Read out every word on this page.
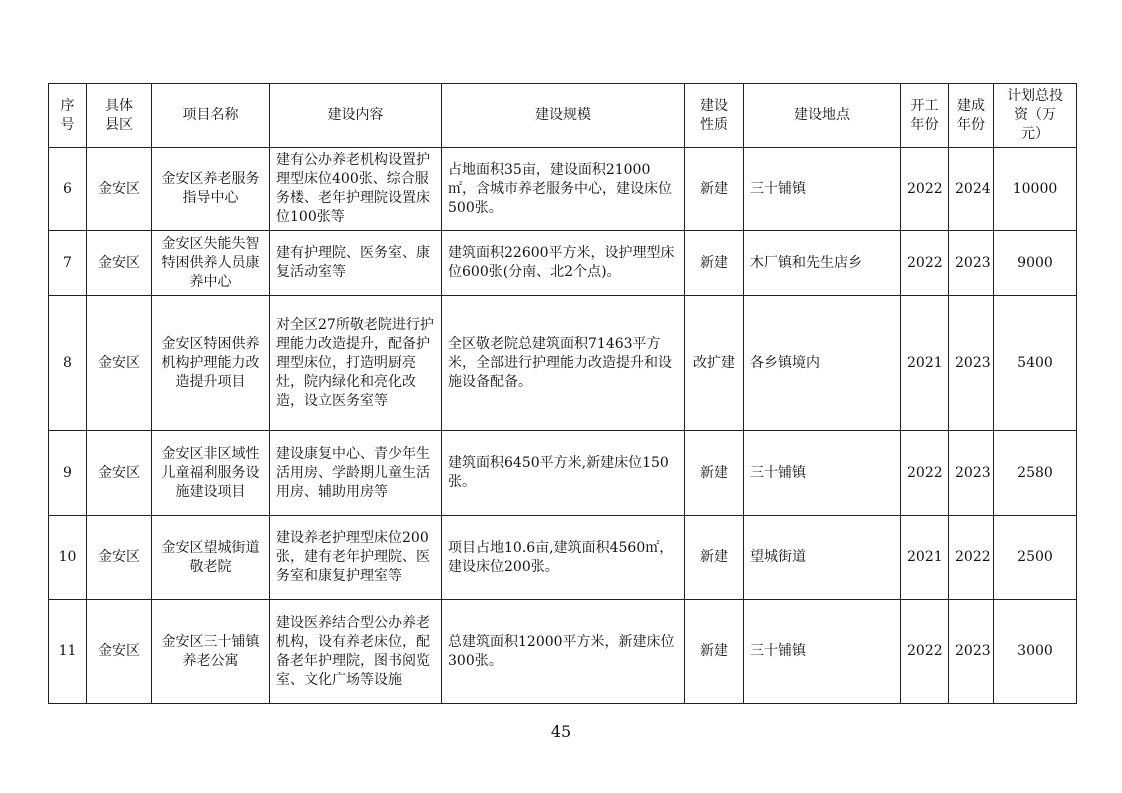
序号	具体县区	项目名称	建设内容	建设规模	建设性质	建设地点	开工年份	建成年份	计划总投资（万元）
6	金安区	金安区养老服务指导中心	建有公办养老机构设置护理型床位400张、综合服务楼、老年护理院设置床位100张等	占地面积35亩，建设面积21000㎡，含城市养老服务中心，建设床位500张。	新建	三十铺镇	2022	2024	10000
7	金安区	金安区失能失智特困供养人员康养中心	建有护理院、医务室、康复活动室等	建筑面积22600平方米，设护理型床位600张(分南、北2个点)。	新建	木厂镇和先生店乡	2022	2023	9000
8	金安区	金安区特困供养机构护理能力改造提升项目	对全区27所敬老院进行护理能力改造提升，配备护理型床位，打造明厨亮灶，院内绿化和亮化改造，设立医务室等	全区敬老院总建筑面积71463平方米，全部进行护理能力改造提升和设施设备配备。	改扩建	各乡镇境内	2021	2023	5400
9	金安区	金安区非区域性儿童福利服务设施建设项目	建设康复中心、青少年生活用房、学龄期儿童生活用房、辅助用房等	建筑面积6450平方米,新建床位150张。	新建	三十铺镇	2022	2023	2580
10	金安区	金安区望城街道敬老院	建设养老护理型床位200张，建有老年护理院、医务室和康复护理室等	项目占地10.6亩,建筑面积4560㎡，建设床位200张。	新建	望城街道	2021	2022	2500
11	金安区	金安区三十铺镇养老公寓	建设医养结合型公办养老机构，设有养老床位，配备老年护理院，图书阅览室、文化广场等设施	总建筑面积12000平方米，新建床位300张。	新建	三十铺镇	2022	2023	3000
45
